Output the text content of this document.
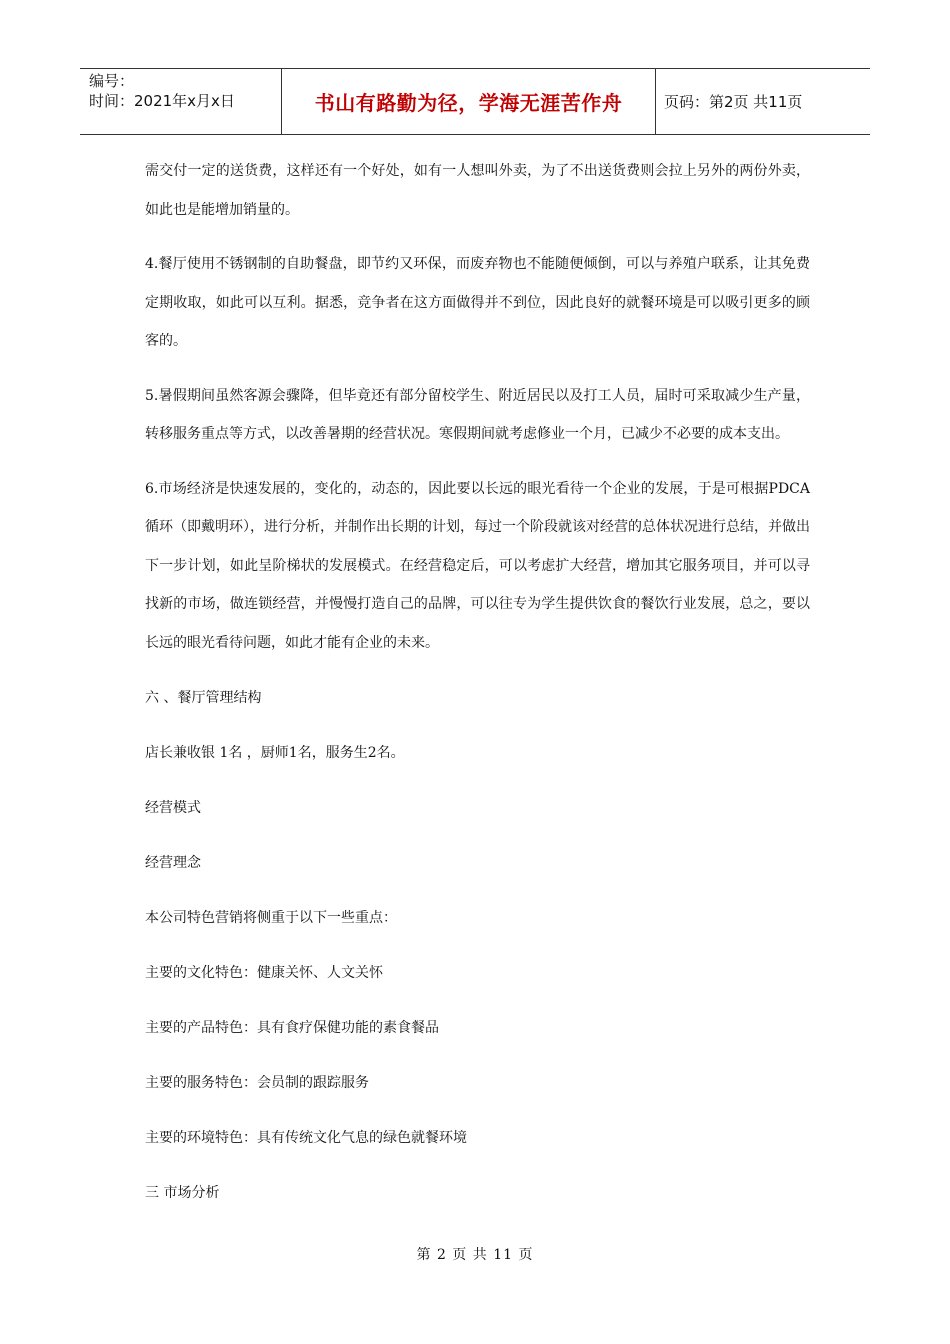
编号：
时间：2021年x月x日	书山有路勤为径，学海无涯苦作舟	页码：第2页 共11页

需交付一定的送货费，这样还有一个好处，如有一人想叫外卖，为了不出送货费则会拉上另外的两份外卖，如此也是能增加销量的。

4.餐厅使用不锈钢制的自助餐盘，即节约又环保，而废弃物也不能随便倾倒，可以与养殖户联系，让其免费定期收取，如此可以互利。据悉，竞争者在这方面做得并不到位，因此良好的就餐环境是可以吸引更多的顾客的。

5.暑假期间虽然客源会骤降，但毕竟还有部分留校学生、附近居民以及打工人员，届时可采取减少生产量，转移服务重点等方式，以改善暑期的经营状况。寒假期间就考虑修业一个月，已减少不必要的成本支出。

6.市场经济是快速发展的，变化的，动态的，因此要以长远的眼光看待一个企业的发展，于是可根据PDCA循环（即戴明环），进行分析，并制作出长期的计划，每过一个阶段就该对经营的总体状况进行总结，并做出下一步计划，如此呈阶梯状的发展模式。在经营稳定后，可以考虑扩大经营，增加其它服务项目，并可以寻找新的市场，做连锁经营，并慢慢打造自己的品牌，可以往专为学生提供饮食的餐饮行业发展，总之，要以长远的眼光看待问题，如此才能有企业的未来。

六 、餐厅管理结构
店长兼收银 1名 ，厨师1名，服务生2名。
经营模式
经营理念
本公司特色营销将侧重于以下一些重点：
主要的文化特色：健康关怀、人文关怀
主要的产品特色：具有食疗保健功能的素食餐品
主要的服务特色：会员制的跟踪服务
主要的环境特色：具有传统文化气息的绿色就餐环境
三 市场分析
第 2 页 共 11 页
